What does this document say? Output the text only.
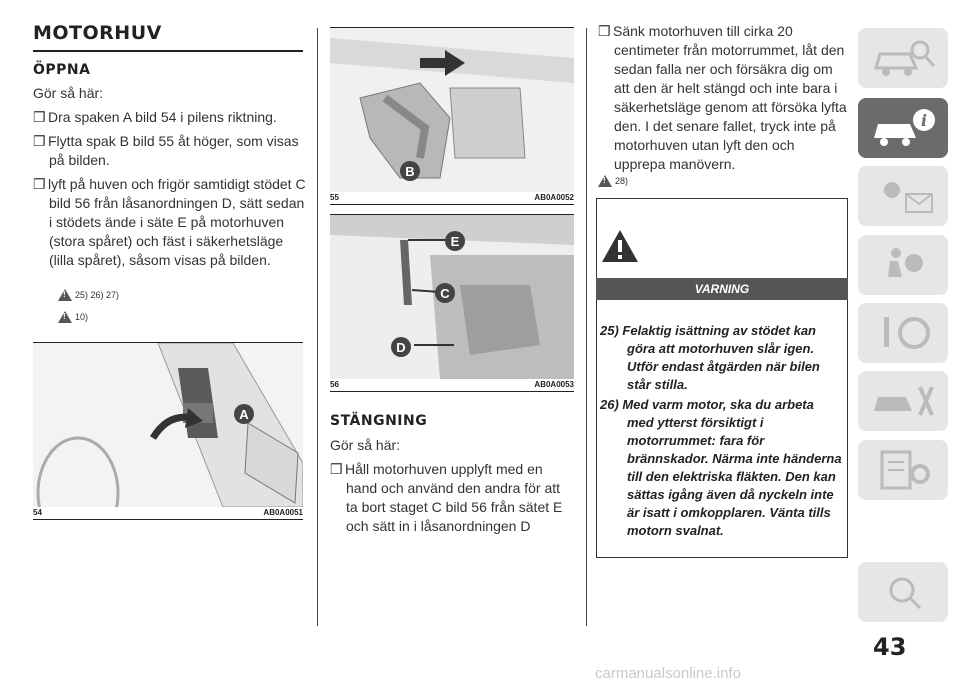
MOTORHUV
ÖPPNA
Gör så här:
❒ Dra spaken A bild 54 i pilens riktning.
❒ Flytta spak B bild 55 åt höger, som visas på bilden.
❒ lyft på huven och frigör samtidigt stödet C bild 56 från låsanordningen D, sätt sedan i stödets ände i säte E på motorhuven (stora spåret) och fäst i säkerhetsläge (lilla spåret), såsom visas på bilden.
!
25) 26) 27)
!
10)
A
54	AB0A0051
B
55	AB0A0052
E
C
D
56	AB0A0053
STÄNGNING
Gör så här:
❒ Håll motorhuven upplyft med en hand och använd den andra för att ta bort staget C bild 56 från sätet E och sätt in i låsanordningen D
❒ Sänk motorhuven till cirka 20 centimeter från motorrummet, låt den sedan falla ner och försäkra dig om att den är helt stängd och inte bara i säkerhetsläge genom att försöka lyfta den. I det senare fallet, tryck inte på motorhuven utan lyft den och upprepa manövern.
!
28)
VARNING
25) Felaktig isättning av stödet kan göra att motorhuven slår igen. Utför endast åtgärden när bilen står stilla.
26) Med varm motor, ska du arbeta med ytterst försiktigt i motorrummet: fara för brännskador. Närma inte händerna till den elektriska fläkten. Den kan sättas igång även då nyckeln inte är isatt i omkopplaren. Vänta tills motorn svalnat.
i
43
carmanualsonline.info
